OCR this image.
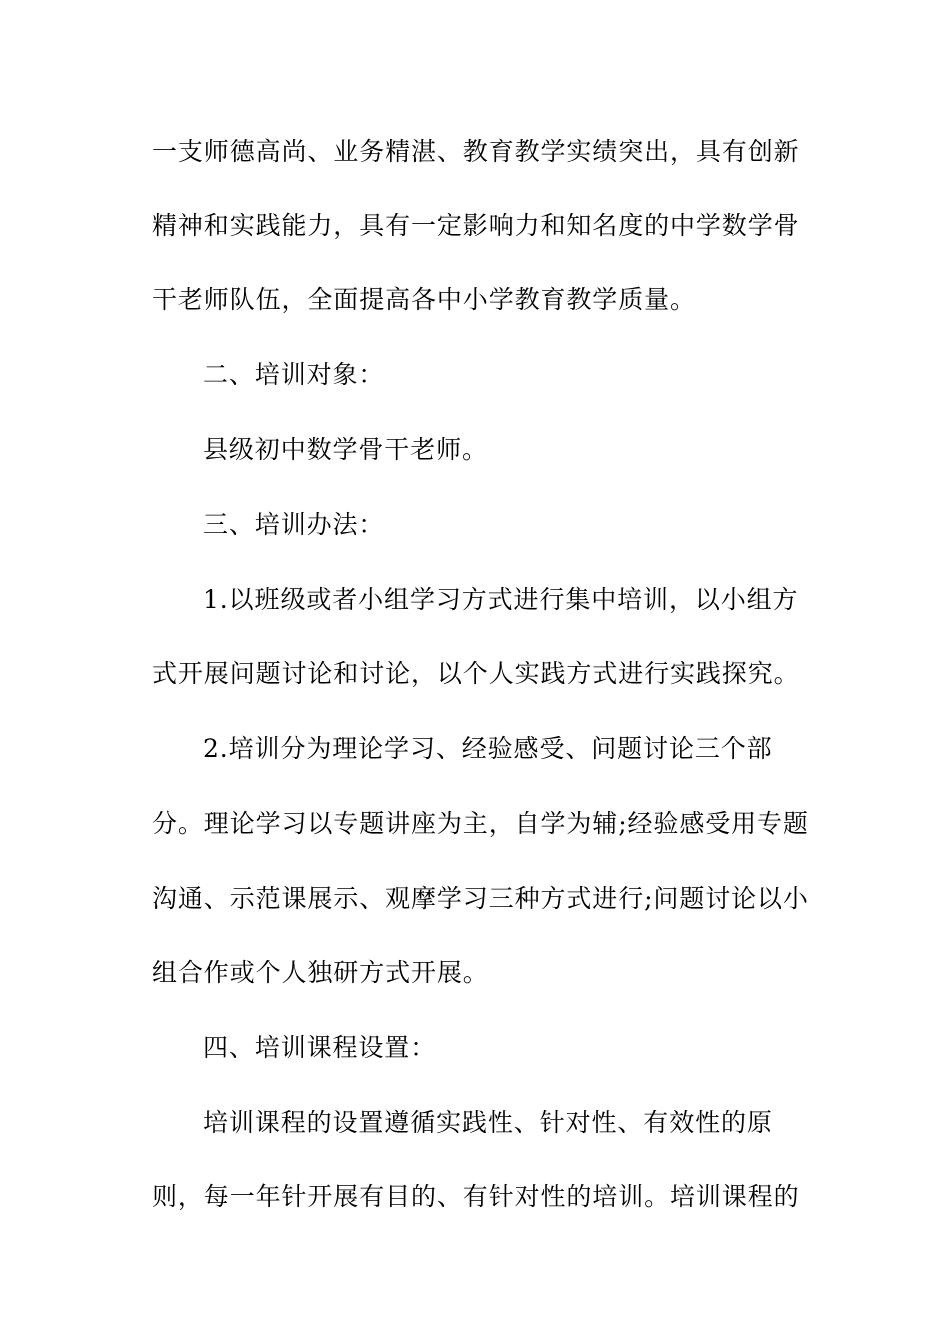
一支师德高尚、业务精湛、教育教学实绩突出，具有创新
精神和实践能力，具有一定影响力和知名度的中学数学骨
干老师队伍，全面提高各中小学教育教学质量。
二、培训对象：
县级初中数学骨干老师。
三、培训办法：
1.以班级或者小组学习方式进行集中培训，以小组方
式开展问题讨论和讨论，以个人实践方式进行实践探究。
2.培训分为理论学习、经验感受、问题讨论三个部
分。理论学习以专题讲座为主，自学为辅;经验感受用专题
沟通、示范课展示、观摩学习三种方式进行;问题讨论以小
组合作或个人独研方式开展。
四、培训课程设置：
培训课程的设置遵循实践性、针对性、有效性的原
则，每一年针开展有目的、有针对性的培训。培训课程的
